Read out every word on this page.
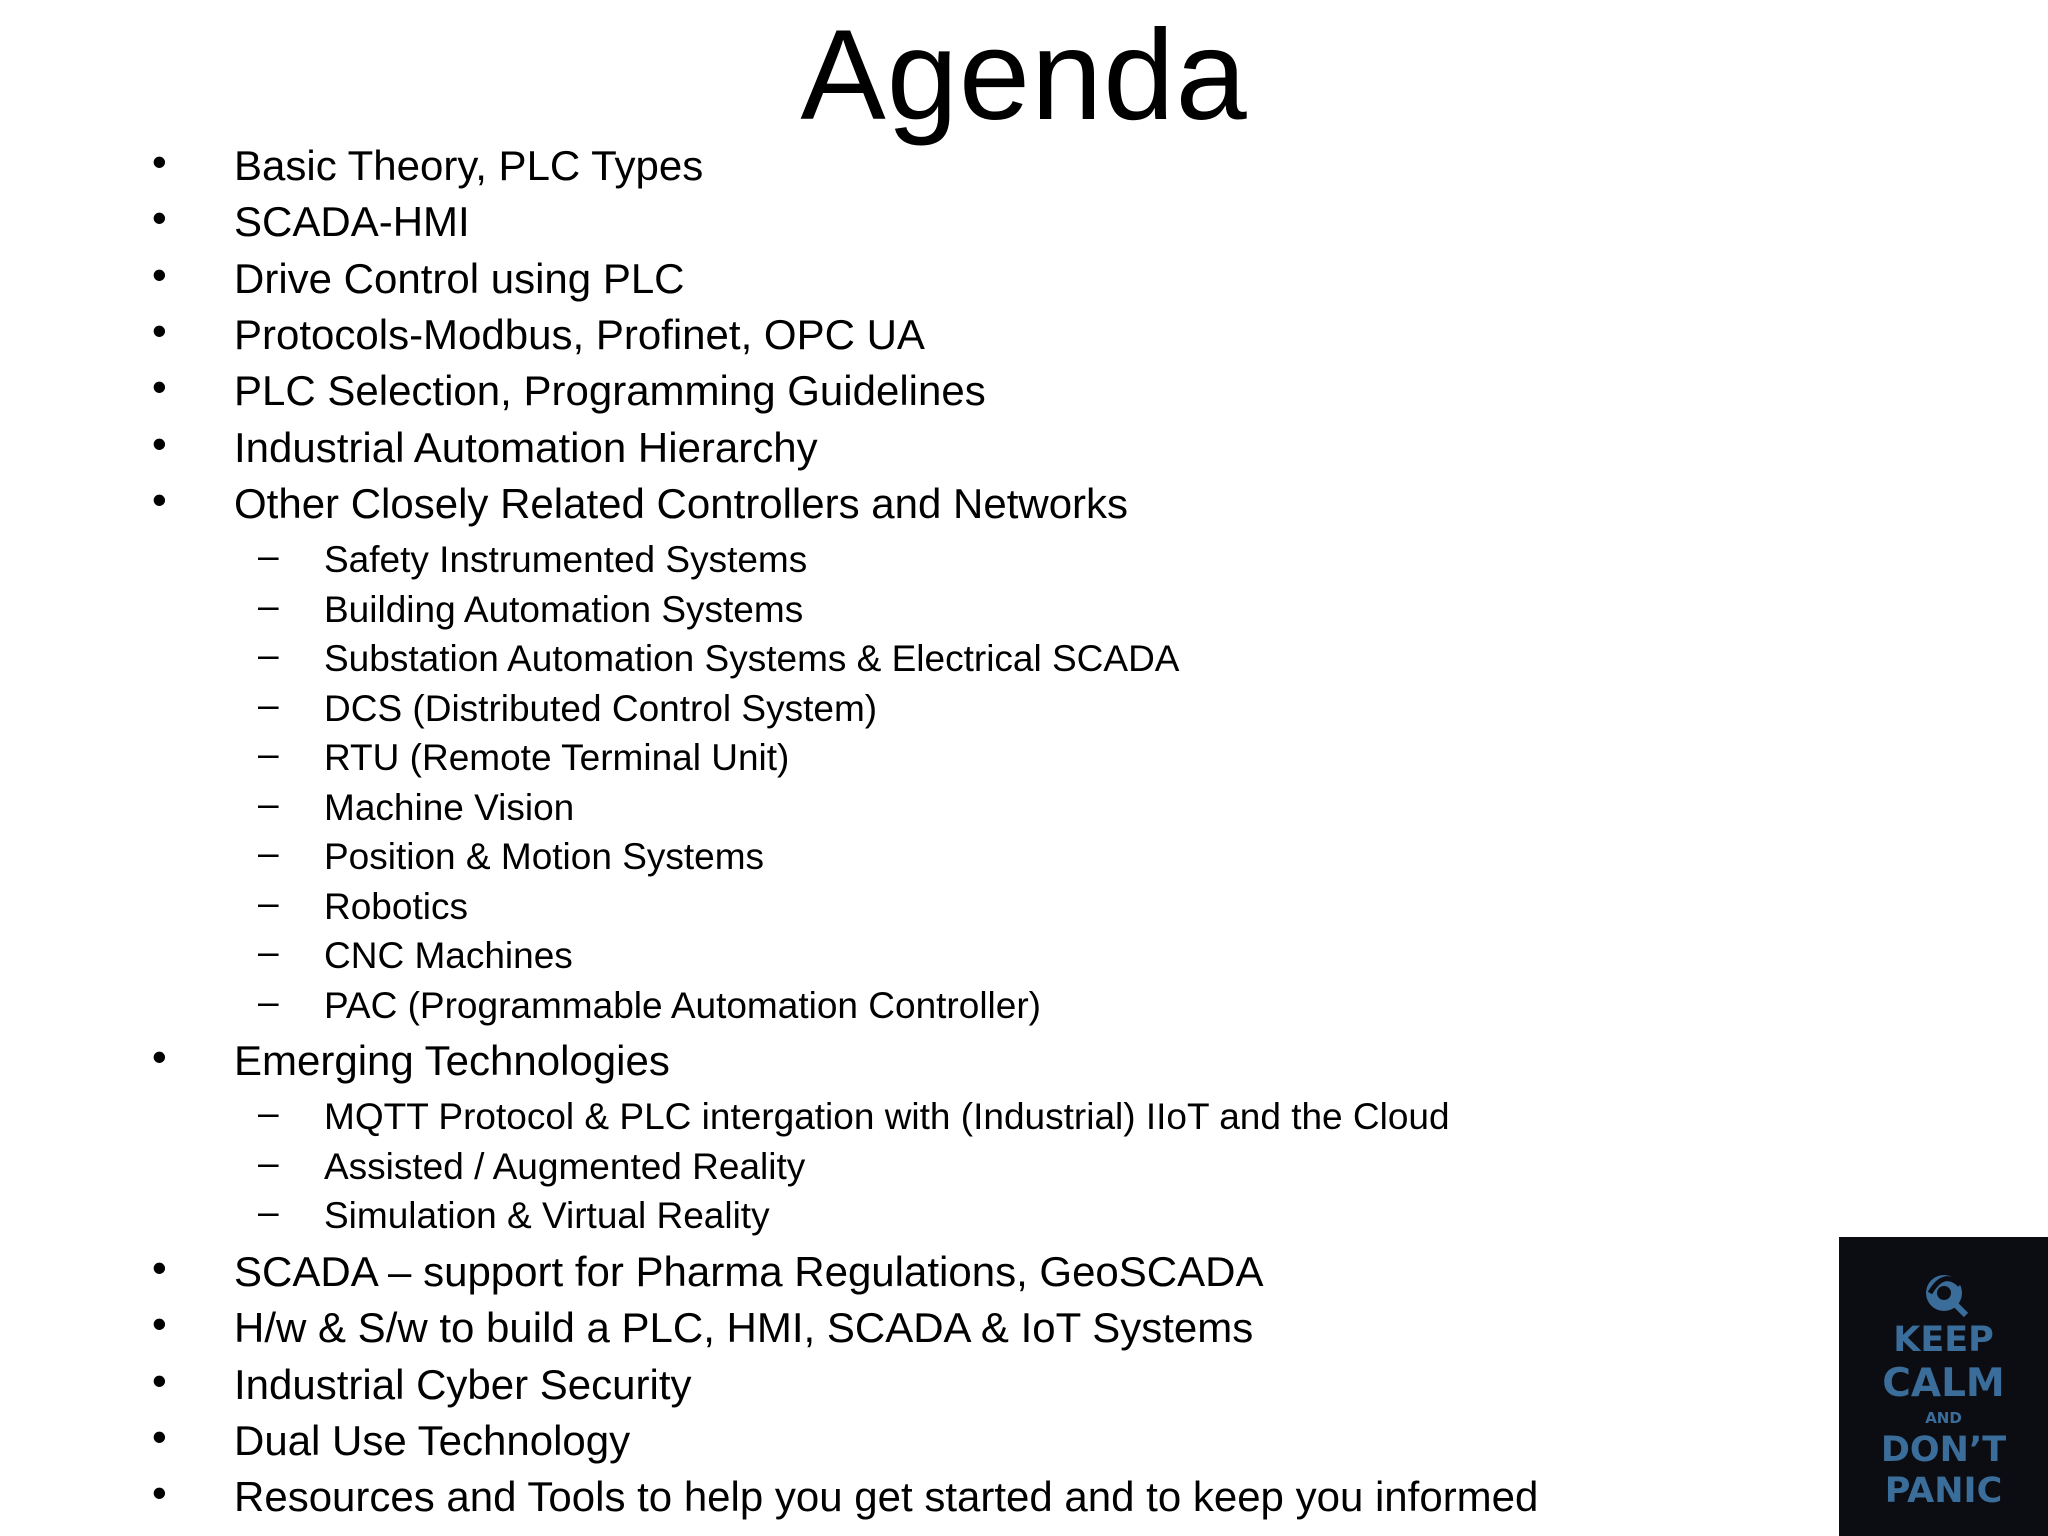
Agenda
• Basic Theory, PLC Types
• SCADA-HMI
• Drive Control using PLC
• Protocols-Modbus, Profinet, OPC UA
• PLC Selection, Programming Guidelines
• Industrial Automation Hierarchy
• Other Closely Related Controllers and Networks
– Safety Instrumented Systems
– Building Automation Systems
– Substation Automation Systems & Electrical SCADA
– DCS (Distributed Control System)
– RTU (Remote Terminal Unit)
– Machine Vision
– Position & Motion Systems
– Robotics
– CNC Machines
– PAC (Programmable Automation Controller)
• Emerging Technologies
– MQTT Protocol & PLC intergation with (Industrial) IIoT and the Cloud
– Assisted / Augmented Reality
– Simulation & Virtual Reality
• SCADA – support for Pharma Regulations, GeoSCADA
• H/w & S/w to build a PLC, HMI, SCADA & IoT Systems
• Industrial Cyber Security
• Dual Use Technology
• Resources and Tools to help you get started and to keep you informed
KEEP
CALM
AND
DON’T
PANIC
